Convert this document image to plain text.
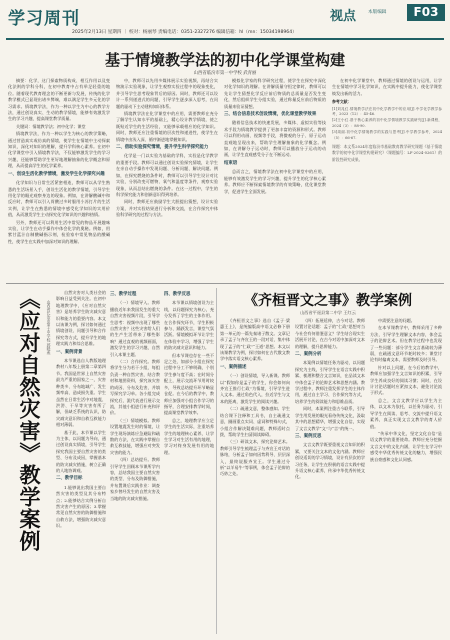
学习周刊
2025年2月13日 星期四 ｜ 校对：杨丽琴 责编电话：0351-2327276 编辑信箱：hl（mn：15034198964）
视点	本版编辑	F03
基于情境教学法的初中化学课堂构建
山西省临汾市第一中学校 武青丽

摘要：化学，这门探索物质构成、相互作用以及变化法则的学科分科，在初中教育中占有举足轻重的地位。随着现代教育理念的不断更新与发展，传统的化学教学模式已显现出诸多弊端，难以满足学生多元化的学习需求。情境教学法，作为一种以学生为中心的教学方法，通过创设真实、生动的教学情境，能够有效激发学生的学习兴趣，提高课堂教学质量。

关键词：情境教学法；初中化学；课堂

情境教学法，作为一种以学生为核心的教学策略，通过营造真实或仿真的情境，使学生在情境中主动探索知识，深化对知识的理解，提升学科核心素养。在初中化学课堂中引入情境教学法，不仅能够激发学生的学习兴趣，还能够帮助学生更好地理解抽象的化学概念和原理，从而提高学生的化学素养。

一、创设生活化教学情境，激发学生化学探究兴趣

化学知识与日常生活紧密相连，教师可以从学生熟悉的生活场景入手，创设生活化的教学情境，引导学生用化学的眼光观察身边的现象。例如，在讲解酸碱中和反应时，教师可以引入胃酸过多时服用小苏打片的生活实例，让学生在熟悉的情境中感受化学知识的实用价值，从而激发学生主动探究化学知识的兴趣和热情。

另外，教师还可以利用生活中常见的物品开展趣味实验，让学生在动手操作中体会化学的奥秘。例如，用紫甘蓝汁自制酸碱指示剂，检验家中常见物品的酸碱性，使学生在实践中加深对知识的理解。

中，教师可以先用多媒体展示实验视频，再结合实物演示实验现象，让学生观察实验过程中的现象变化，并引导学生思考现象背后的原因。同时，教师还可以设计一系列递进式的问题，引导学生逐步深入思考，在问题的驱动下主动建构知识体系。

情境教学法在化学课堂中的应用，需要教师在充分了解学生认知水平的基础上，精心设计教学情境，使之既贴近学生的生活经验，又能够承载相应的化学知识。同时，教师还应注重情境的层次性和递进性，使学生在情境中由浅入深、循序渐进地掌握知识。

二、借助实验探究情境，提升学生科学探究能力

化学是一门以实验为基础的学科，实验是化学教学的重要手段。教师可以通过创设实验探究情境，让学生在亲自动手操作中发现问题、分析问题、解决问题。例如，在探究燃烧的条件时，教师可以引导学生设计对比实验，分别改变可燃物、氧气和温度等条件，观察实验现象，从而总结出燃烧的条件。在这一过程中，学生的科学探究能力和创新意识得到培养。

同时，教师还应鼓励学生大胆提出猜想，设计实验方案，并对实验结果进行分析和交流，在合作探究中体验科学研究的过程与方法。

模拟化学家的科学研究过程，使学生在探究中深化对化学知识的理解。在讲解质量守恒定律时，教师可以先让学生猜想化学反应前后物质的总质量是否发生变化，然后组织学生分组实验，通过称量反应前后物质的质量来验证猜想。

三、结合信息技术创设情境，优化课堂教学效果

随着信息技术的快速发展，多媒体、虚拟实验等技术手段为情境教学提供了更加丰富的资源和形式。教师可以利用动画、视频等手段，将微观的分子、原子运动直观地呈现出来，帮助学生理解抽象的化学概念。例如，在讲解分子运动时，教师可以播放分子运动的动画，让学生直观感受分子在不断运动。

结束语

总而言之，情境教学法在初中化学课堂中的应用，能够有效激发学生的学习兴趣，提升学生的化学核心素养。教师应不断探索情境教学的有效策略，优化课堂教学，促进学生全面发展。

在初中化学课堂中，教师通过情境的创设与运用，让学生在情境中学习化学知识，在实践中提升能力，使化学课堂焕发出新的活力。

参考文献：

[1]刘兆红.情境教学法在初中化学教学中的应用[J].中学化学教学参考，2023（12）：45-46.

[2]王小红.基于核心素养的初中化学情境教学实践研究[J].新课程，2024（3）：88-90.

[3]周丽.初中化学情境教学的实践与思考[J].中学教学参考，2024（5）：66-67.

课题：本文系2024年度临汾市基础教育教学研究课题《基于情境教学的初中化学课堂构建研究》（课题编号：LF-2024-0261）的阶段性研究成果。

《应对自然灾害》教学案例	山西省长治市第十中学校 郭晓燕

自然灾害对人类社会的影响日益受到关注。在初中地理教学中，《应对自然灾害》是培养学生防灾减灾意识和能力的重要内容。本文以该课为例，探讨如何通过情境创设、问题引导和合作探究等方式，提升学生的地理实践力和综合思维。

一、案例背景

本节课选自人教版地理教材八年级上册第二章第四节。我国是世界上自然灾害最为严重的国家之一，灾害种类多、分布地域广、发生频率高、造成损失重。学生虽然在日常生活中对地震、洪涝、干旱等灾害有所了解，但缺乏系统的认识，防灾减灾意识和自救互救能力相对薄弱。

基于此，本节课以学生为主体，以问题为导向，通过创设真实情境，引导学生探究我国主要自然灾害的类型、分布及成因，掌握基本的防灾减灾措施，树立正确的人地协调观。

二、教学目标

1.能够说出我国主要自然灾害的类型及其分布特点；2.能够结合实例分析自然灾害产生的原因；3.掌握常见自然灾害的防御措施和自救方法，增强防灾减灾意识。

三、教学过程

（一）情境导入。教师播放近年来我国发生的重大自然灾害视频片段，引导学生思考：视频中出现了哪些自然灾害？这些灾害给人们的生产生活带来了哪些影响？通过直观的视频画面，激发学生的学习兴趣，自然引入本课主题。

（二）合作探究。教师将学生分为若干小组，每组负责一种自然灾害，结合教材和地图资料，探究该灾害的成因、分布及危害，并填写探究学习单。各小组完成探究后，派代表进行展示交流，其他小组进行补充和评价。

（三）情境模拟。教师设置地震发生时的情境，让学生现场演练应急避险和疏散的方法，在实践中掌握自救互救技能，增强应对突发灾害的能力。

（四）总结提升。教师引导学生回顾本节课所学内容，总结我国主要自然灾害的类型、分布及防御措施，并布置课后实践作业：调查家乡曾经发生的自然灾害及当地的防灾减灾措施。

四、教学反思

本节课以情境创设为主线，以问题探究为核心，充分发挥了学生的主体作用。在合作探究环节，学生积极参与、踊跃发言，课堂气氛活跃。情境模拟环节让学生在体验中学习，增强了学生的防灾减灾意识和能力。

但本节课也存在一些不足之处，如部分小组在探究过程中分工不够明确，个别学生参与度不高；在时间分配上，展示交流环节用时较多，导致总结提升环节略显仓促。在今后的教学中，教师应加强对小组合作学习的指导，合理安排教学时间，提高课堂教学效率。

总之，地理教学应立足学生的生活实际，注重培养学生的地理核心素养，让学生学习对生活有用的地理，学习对终身发展有用的地理。

《齐桓晋文之事》教学案例
山西省平遥县第二中学 王红云

《齐桓晋文之事》选自《孟子·梁惠王上》，是统编版高中语文必修下册第一单元的一篇先秦诸子散文。文章记录了孟子与齐宣王的一段对话，集中体现了孟子的“仁政”“王道”思想。本文以该课教学为例，探讨如何在古代散文教学中落实语文核心素养。

一、案例描述

（一）创设情境，导入新课。教师以“假如你是孟子的学生，你会如何向齐宣王推行仁政”为情境，引导学生进入文本。通过角色代入，拉近学生与文本的距离，激发学生的阅读兴趣。

（二）疏通文意，整体感知。学生结合课下注释和工具书，自主疏通文意，圈画重点实词、虚词和特殊句式，小组合作解决疑难问题，教师适时点拨，帮助学生扫清阅读障碍。

（三）研读文本，探究论辩艺术。教师引导学生梳理孟子与齐宣王对话的脉络，分析孟子如何因势利导、层层深入，最终说服齐宣王。学生通过分析“以羊易牛”等事例，体会孟子论辩的巧妙之处。

（四）拓展延伸，古今对话。教师设置讨论话题：孟子的“仁政”思想对当今社会有何借鉴意义？学生结合现实生活展开讨论，在古今对话中加深对文本的理解，提升思辨能力。

二、案例分析

本案例以情境任务为驱动，以问题探究为主线，引导学生在语言实践中积累、梳理和整合文言知识，在品读文本中体会孟子的论辩艺术和思想内涵。教学过程中，教师注重发挥学生的主体作用，通过自主学习、合作探究等方式，培养学生的阅读能力和思维品质。

同时，本案例注重古今联系，引导学生用发展的眼光看待传统文化，汲取其中的思想精华，增强文化自信，实现了文言文教学“文”与“言”的统一。

三、案例反思

文言文教学既要重视文言知识的积累，又要关注文本的文化内涵。教师应创设适切的学习情境，设计有层次的学习任务，让学生在积极的语言实践中提升语文核心素养，传承中华优秀传统文化。

中需要注意的问题。

在本节课教学中，教师采用了多种方法，引导学生理解文本内容，体会孟子的论辩艺术。但在教学过程中也发现了一些问题：部分学生文言基础较为薄弱，在疏通文意环节耗时较多；课堂讨论有时偏离文本，需要教师及时引导。

针对以上问题，在今后的教学中，教师应加强学生文言知识的积累，引导学生养成良好的阅读习惯；同时，在设计讨论话题时应紧扣文本，避免讨论流于形式。

总之，文言文教学应以学生为主体，以文本为依托，以任务为驱动，引导学生在阅读、思考、交流中提升语文素养，真正实现文言文教学的育人价值。

“传承中华文化，坚定文化自信”是语文教学的重要使命。教师应充分挖掘文言文中的文化内涵，让学生在学习中感受中华优秀传统文化的魅力，增强民族自豪感和文化认同感。
